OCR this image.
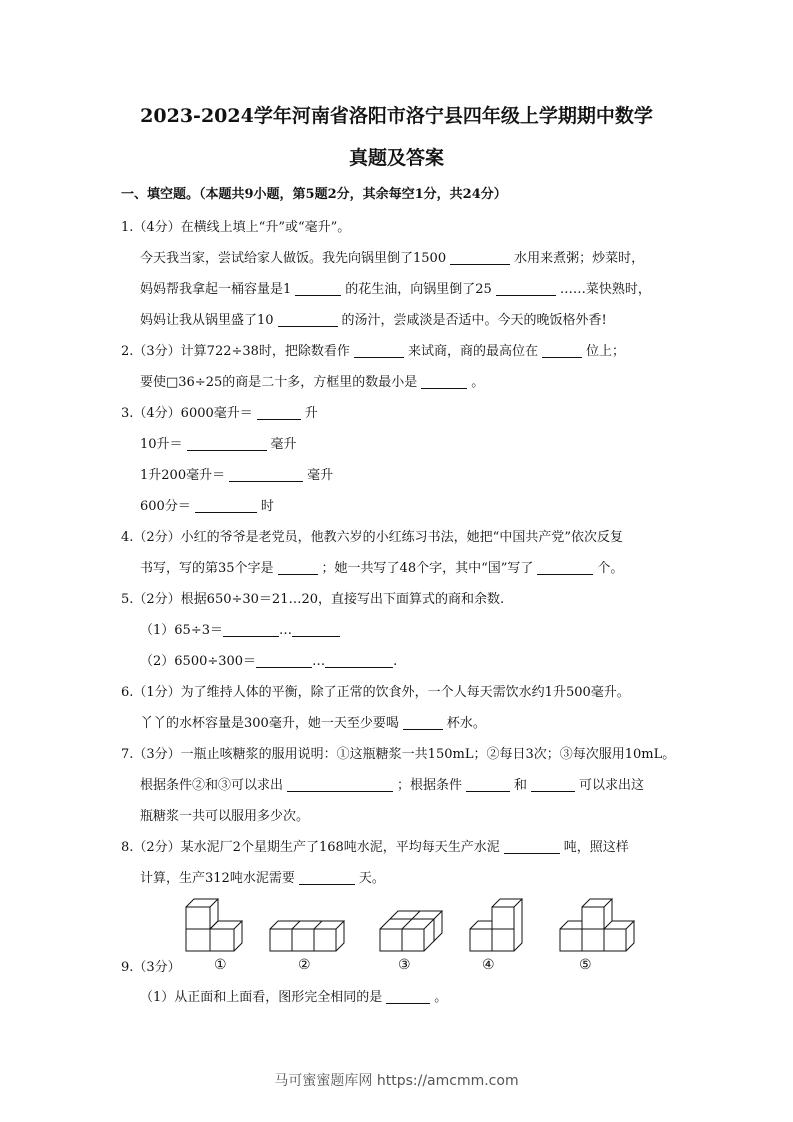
2023-2024学年河南省洛阳市洛宁县四年级上学期期中数学
真题及答案
一、填空题。（本题共9小题，第5题2分，其余每空1分，共24分）
1.（4分）在横线上填上“升”或“毫升”。
今天我当家，尝试给家人做饭。我先向锅里倒了1500	水用来煮粥；炒菜时，
妈妈帮我拿起一桶容量是1	的花生油，向锅里倒了25	……菜快熟时，
妈妈让我从锅里盛了10	的汤汁，尝咸淡是否适中。今天的晚饭格外香!
2.（3分）计算722÷38时，把除数看作	来试商，商的最高位在	位上；
要使□36÷25的商是二十多，方框里的数最小是	。
3.（4分）6000毫升＝	升
10升＝	毫升
1升200毫升＝	毫升
600分＝	时
4.（2分）小红的爷爷是老党员，他教六岁的小红练习书法，她把“中国共产党”依次反复
书写，写的第35个字是	；她一共写了48个字，其中“国”写了	个。
5.（2分）根据650÷30＝21…20，直接写出下面算式的商和余数.
（1）65÷3＝	…
（2）6500÷300＝	…	.
6.（1分）为了维持人体的平衡，除了正常的饮食外，一个人每天需饮水约1升500毫升。
丫丫的水杯容量是300毫升，她一天至少要喝	杯水。
7.（3分）一瓶止咳糖浆的服用说明：①这瓶糖浆一共150mL；②每日3次；③每次服用10mL。
根据条件②和③可以求出	；根据条件	和	可以求出这
瓶糖浆一共可以服用多少次。
8.（2分）某水泥厂2个星期生产了168吨水泥，平均每天生产水泥	吨，照这样
计算，生产312吨水泥需要	天。
①	②	③	④	⑤
9.（3分）
（1）从正面和上面看，图形完全相同的是	。
马可蜜蜜题库网 https://amcmm.com
